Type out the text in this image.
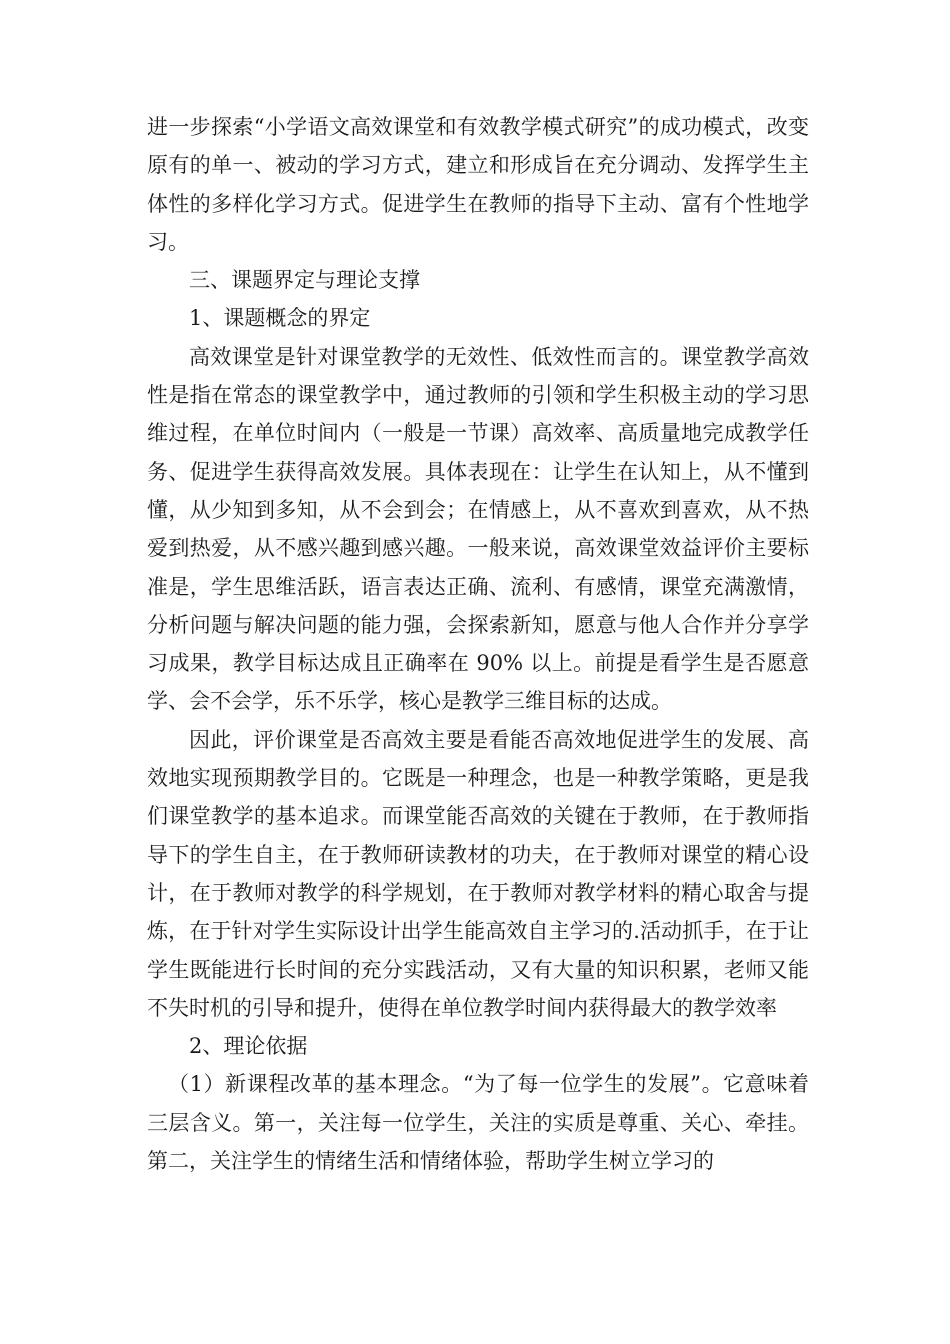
进一步探索“小学语文高效课堂和有效教学模式研究”的成功模式，改变原有的单一、被动的学习方式，建立和形成旨在充分调动、发挥学生主体性的多样化学习方式。促进学生在教师的指导下主动、富有个性地学习。

三、课题界定与理论支撑

1、课题概念的界定

高效课堂是针对课堂教学的无效性、低效性而言的。课堂教学高效性是指在常态的课堂教学中，通过教师的引领和学生积极主动的学习思维过程，在单位时间内（一般是一节课）高效率、高质量地完成教学任务、促进学生获得高效发展。具体表现在：让学生在认知上，从不懂到懂，从少知到多知，从不会到会；在情感上，从不喜欢到喜欢，从不热爱到热爱，从不感兴趣到感兴趣。一般来说，高效课堂效益评价主要标准是，学生思维活跃，语言表达正确、流利、有感情，课堂充满激情，分析问题与解决问题的能力强，会探索新知，愿意与他人合作并分享学习成果，教学目标达成且正确率在 90% 以上。前提是看学生是否愿意学、会不会学，乐不乐学，核心是教学三维目标的达成。

因此，评价课堂是否高效主要是看能否高效地促进学生的发展、高效地实现预期教学目的。它既是一种理念，也是一种教学策略，更是我们课堂教学的基本追求。而课堂能否高效的关键在于教师，在于教师指导下的学生自主，在于教师研读教材的功夫，在于教师对课堂的精心设计，在于教师对教学的科学规划，在于教师对教学材料的精心取舍与提炼，在于针对学生实际设计出学生能高效自主学习的.活动抓手，在于让学生既能进行长时间的充分实践活动，又有大量的知识积累，老师又能不失时机的引导和提升，使得在单位教学时间内获得最大的教学效率

2、理论依据

（1）新课程改革的基本理念。“为了每一位学生的发展”。它意味着三层含义。第一，关注每一位学生，关注的实质是尊重、关心、牵挂。第二，关注学生的情绪生活和情绪体验，帮助学生树立学习的
